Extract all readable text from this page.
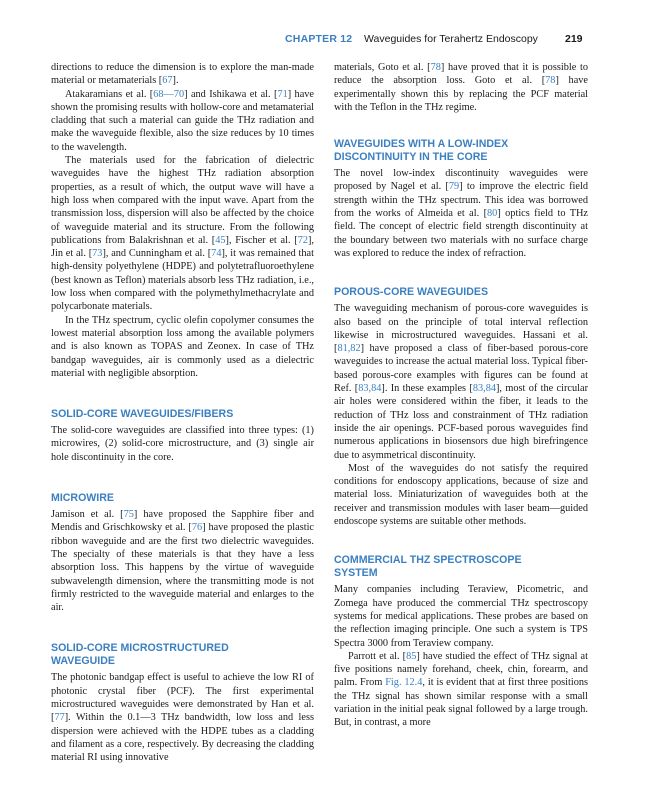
CHAPTER 12 Waveguides for Terahertz Endoscopy	219

directions to reduce the dimension is to explore the man-made material or metamaterials [67].

Atakaramians et al. [68—70] and Ishikawa et al. [71] have shown the promising results with hollow-core and metamaterial cladding that such a material can guide the THz radiation and make the waveguide flexible, also the size reduces by 10 times to the wavelength.

The materials used for the fabrication of dielectric waveguides have the highest THz radiation absorption properties, as a result of which, the output wave will have a high loss when compared with the input wave. Apart from the transmission loss, dispersion will also be affected by the choice of waveguide material and its structure. From the following publications from Balakrishnan et al. [45], Fischer et al. [72], Jin et al. [73], and Cunningham et al. [74], it was remained that high-density polyethylene (HDPE) and polytetrafluoroethylene (best known as Teflon) materials absorb less THz radiation, i.e., low loss when compared with the polymethylmethacrylate and polycarbonate materials.

In the THz spectrum, cyclic olefin copolymer consumes the lowest material absorption loss among the available polymers and is also known as TOPAS and Zeonex. In case of THz bandgap waveguides, air is commonly used as a dielectric material with negligible absorption.

SOLID-CORE WAVEGUIDES/FIBERS

The solid-core waveguides are classified into three types: (1) microwires, (2) solid-core microstructure, and (3) single air hole discontinuity in the core.

MICROWIRE

Jamison et al. [75] have proposed the Sapphire fiber and Mendis and Grischkowsky et al. [76] have proposed the plastic ribbon waveguide and are the first two dielectric waveguides. The specialty of these materials is that they have a less absorption loss. This happens by the virtue of waveguide subwavelength dimension, where the transmitting mode is not firmly restricted to the waveguide material and enlarges to the air.

SOLID-CORE MICROSTRUCTURED WAVEGUIDE

The photonic bandgap effect is useful to achieve the low RI of photonic crystal fiber (PCF). The first experimental microstructured waveguides were demonstrated by Han et al. [77]. Within the 0.1—3 THz bandwidth, low loss and less dispersion were achieved with the HDPE tubes as a cladding and filament as a core, respectively. By decreasing the cladding material RI using innovative

materials, Goto et al. [78] have proved that it is possible to reduce the absorption loss. Goto et al. [78] have experimentally shown this by replacing the PCF material with the Teflon in the THz regime.

WAVEGUIDES WITH A LOW-INDEX DISCONTINUITY IN THE CORE

The novel low-index discontinuity waveguides were proposed by Nagel et al. [79] to improve the electric field strength within the THz spectrum. This idea was borrowed from the works of Almeida et al. [80] optics field to THz field. The concept of electric field strength discontinuity at the boundary between two materials with no surface charge was explored to reduce the index of refraction.

POROUS-CORE WAVEGUIDES

The waveguiding mechanism of porous-core waveguides is also based on the principle of total interval reflection likewise in microstructured waveguides. Hassani et al. [81,82] have proposed a class of fiber-based porous-core waveguides to increase the actual material loss. Typical fiber-based porous-core examples with figures can be found at Ref. [83,84]. In these examples [83,84], most of the circular air holes were considered within the fiber, it leads to the reduction of THz loss and constrainment of THz radiation inside the air openings. PCF-based porous waveguides find numerous applications in biosensors due high birefringence due to asymmetrical discontinuity.

Most of the waveguides do not satisfy the required conditions for endoscopy applications, because of size and material loss. Miniaturization of waveguides both at the receiver and transmission modules with laser beam—guided endoscope systems are suitable other methods.

COMMERCIAL THZ SPECTROSCOPE SYSTEM

Many companies including Teraview, Picometric, and Zomega have produced the commercial THz spectroscopy systems for medical applications. These probes are based on the reflection imaging principle. One such a system is TPS Spectra 3000 from Teraview company.

Parrott et al. [85] have studied the effect of THz signal at five positions namely forehand, cheek, chin, forearm, and palm. From Fig. 12.4, it is evident that at first three positions the THz signal has shown similar response with a small variation in the initial peak signal followed by a large trough. But, in contrast, a more
